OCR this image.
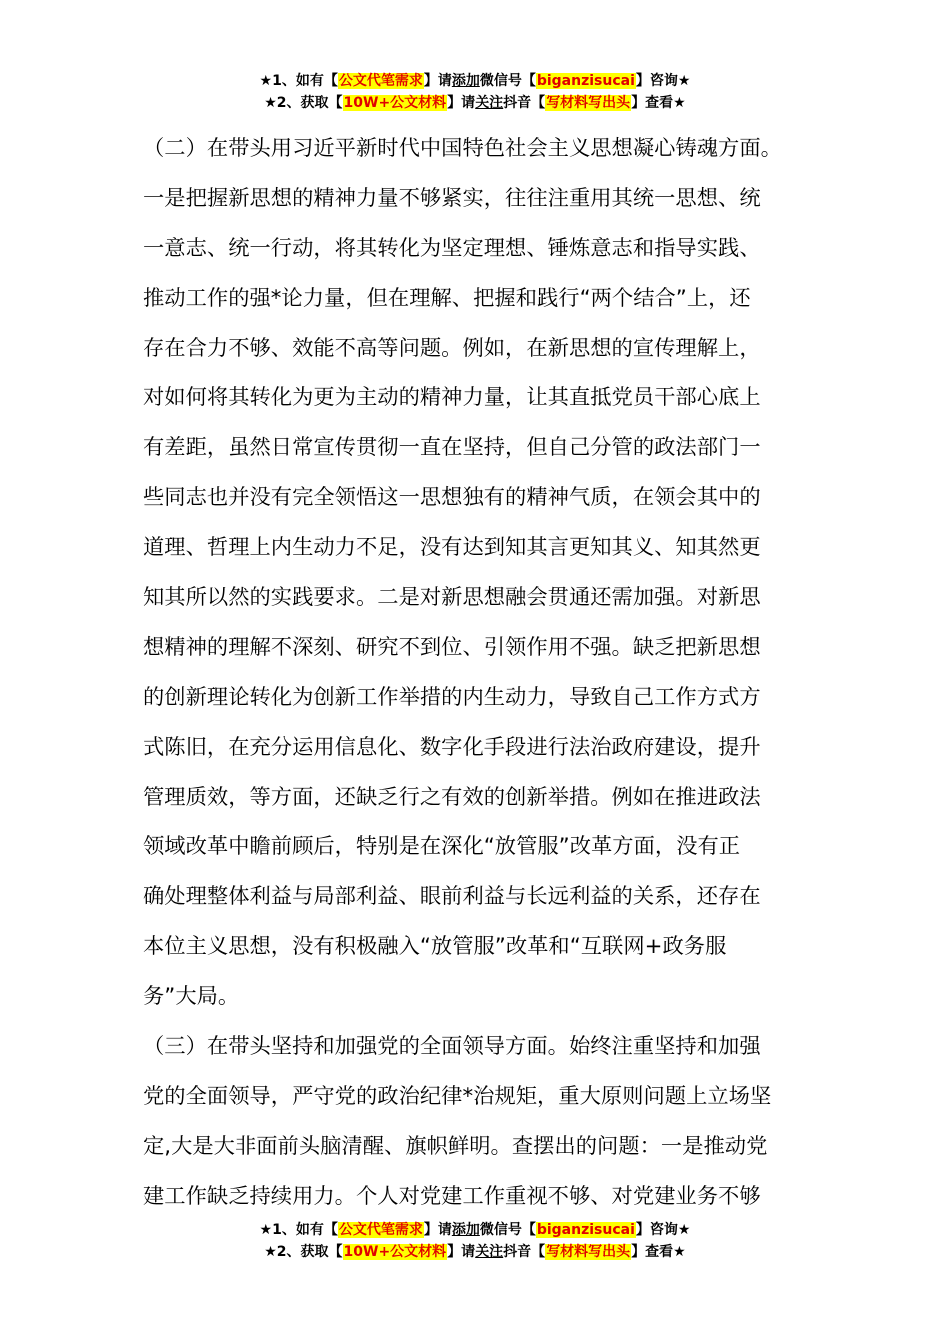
★1、如有【公文代笔需求】请添加微信号【biganzisucai】咨询★
★2、获取【10W+公文材料】请关注抖音【写材料写出头】查看★
（二）在带头用习近平新时代中国特色社会主义思想凝心铸魂方面。
一是把握新思想的精神力量不够紧实，往往注重用其统一思想、统
一意志、统一行动，将其转化为坚定理想、锤炼意志和指导实践、
推动工作的强*论力量，但在理解、把握和践行“两个结合”上，还
存在合力不够、效能不高等问题。例如，在新思想的宣传理解上，
对如何将其转化为更为主动的精神力量，让其直抵党员干部心底上
有差距，虽然日常宣传贯彻一直在坚持，但自己分管的政法部门一
些同志也并没有完全领悟这一思想独有的精神气质，在领会其中的
道理、哲理上内生动力不足，没有达到知其言更知其义、知其然更
知其所以然的实践要求。二是对新思想融会贯通还需加强。对新思
想精神的理解不深刻、研究不到位、引领作用不强。缺乏把新思想
的创新理论转化为创新工作举措的内生动力，导致自己工作方式方
式陈旧，在充分运用信息化、数字化手段进行法治政府建设，提升
管理质效，等方面，还缺乏行之有效的创新举措。例如在推进政法
领域改革中瞻前顾后，特别是在深化“放管服”改革方面，没有正
确处理整体利益与局部利益、眼前利益与长远利益的关系，还存在
本位主义思想，没有积极融入“放管服”改革和“互联网+政务服
务”大局。
（三）在带头坚持和加强党的全面领导方面。始终注重坚持和加强
党的全面领导，严守党的政治纪律*治规矩，重大原则问题上立场坚
定,大是大非面前头脑清醒、旗帜鲜明。查摆出的问题：一是推动党
建工作缺乏持续用力。个人对党建工作重视不够、对党建业务不够
★1、如有【公文代笔需求】请添加微信号【biganzisucai】咨询★
★2、获取【10W+公文材料】请关注抖音【写材料写出头】查看★
